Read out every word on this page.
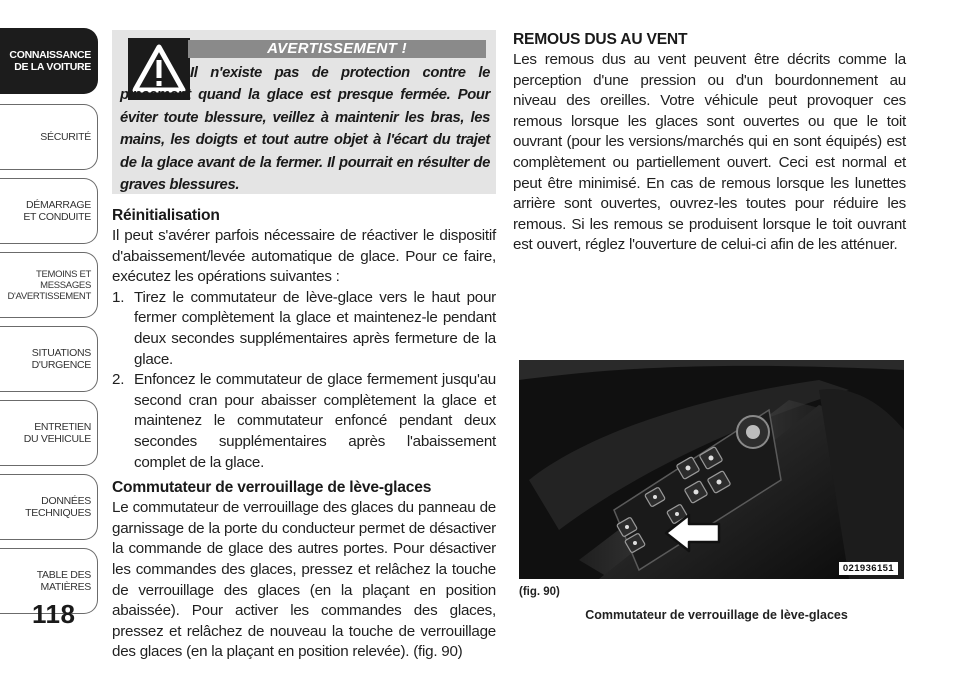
CONNAISSANCE
DE LA VOITURE
SÉCURITÉ
DÉMARRAGE
ET CONDUITE
TEMOINS ET
MESSAGES
D'AVERTISSEMENT
SITUATIONS
D'URGENCE
ENTRETIEN
DU VEHICULE
DONNÉES
TECHNIQUES
TABLE DES
MATIÈRES
118
AVERTISSEMENT !

Il n'existe pas de protection contre le pincement quand la glace est presque fermée. Pour éviter toute blessure, veillez à maintenir les bras, les mains, les doigts et tout autre objet à l'écart du trajet de la glace avant de la fermer. Il pourrait en résulter de graves blessures.

Réinitialisation

Il peut s'avérer parfois nécessaire de réactiver le dispositif d'abaissement/levée automatique de glace. Pour ce faire, exécutez les opérations suivantes :

1. Tirez le commutateur de lève-glace vers le haut pour fermer complètement la glace et maintenez-le pendant deux secondes supplémentaires après fermeture de la glace.
2. Enfoncez le commutateur de glace fermement jusqu'au second cran pour abaisser complètement la glace et maintenez le commutateur enfoncé pendant deux secondes supplémentaires après l'abaissement complet de la glace.
Commutateur de verrouillage de lève-glaces

Le commutateur de verrouillage des glaces du panneau de garnissage de la porte du conducteur permet de désactiver la commande de glace des autres portes. Pour désactiver les commandes des glaces, pressez et relâchez la touche de verrouillage des glaces (en la plaçant en position abaissée). Pour activer les commandes des glaces, pressez et relâchez de nouveau la touche de verrouillage des glaces (en la plaçant en position relevée). (fig. 90)

REMOUS DUS AU VENT

Les remous dus au vent peuvent être décrits comme la perception d'une pression ou d'un bourdonnement au niveau des oreilles. Votre véhicule peut provoquer ces remous lorsque les glaces sont ouvertes ou que le toit ouvrant (pour les versions/marchés qui en sont équipés) est complètement ou partiellement ouvert. Ceci est normal et peut être minimisé. En cas de remous lorsque les lunettes arrière sont ouvertes, ouvrez-les toutes pour réduire les remous. Si les remous se produisent lorsque le toit ouvrant est ouvert, réglez l'ouverture de celui-ci afin de les atténuer.

021936151
(fig. 90)
Commutateur de verrouillage de lève-glaces
